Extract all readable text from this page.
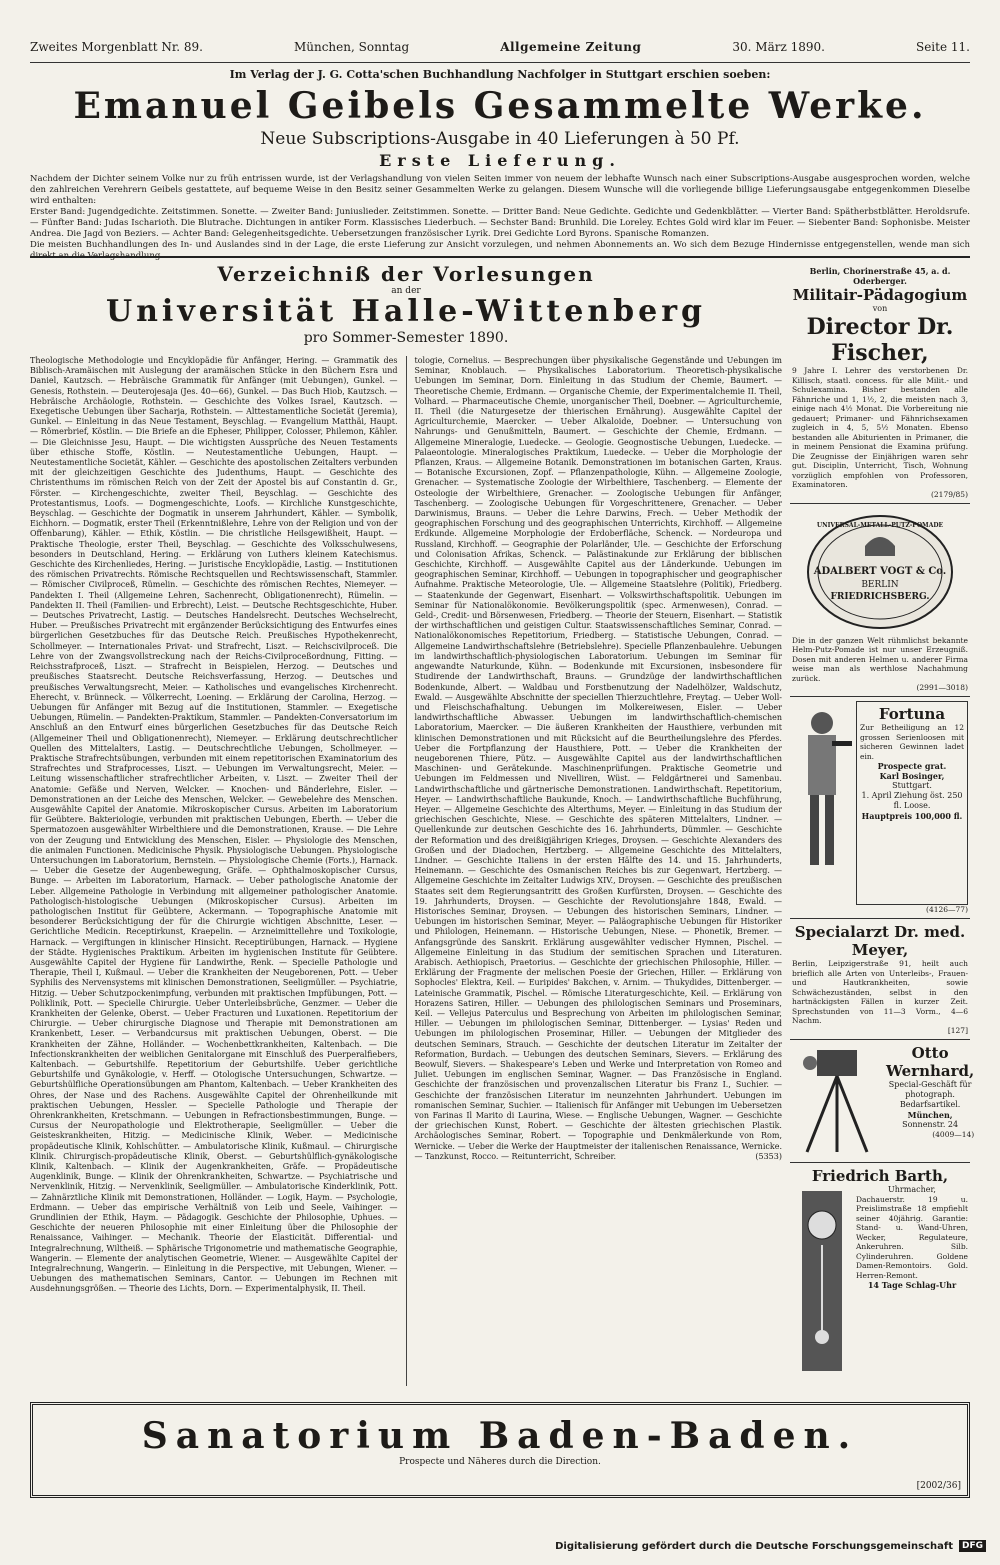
Zweites Morgenblatt Nr. 89.	München, Sonntag	Allgemeine Zeitung	30. März 1890.	Seite 11.
Im Verlag der J. G. Cotta'schen Buchhandlung Nachfolger in Stuttgart erschien soeben:
Emanuel Geibels Gesammelte Werke.
Neue Subscriptions-Ausgabe in 40 Lieferungen à 50 Pf.
Erste Lieferung.
Nachdem der Dichter seinem Volke nur zu früh entrissen wurde, ist der Verlagshandlung von vielen Seiten immer von neuem der lebhafte Wunsch nach einer Subscriptions-Ausgabe ausgesprochen worden, welche den zahlreichen Verehrern Geibels gestattete, auf bequeme Weise in den Besitz seiner Gesammelten Werke zu gelangen. Diesem Wunsche will die vorliegende billige Lieferungsausgabe entgegenkommen Dieselbe wird enthalten:
Erster Band: Jugendgedichte. Zeitstimmen. Sonette. — Zweiter Band: Juniuslieder. Zeitstimmen. Sonette. — Dritter Band: Neue Gedichte. Gedichte und Gedenkblätter. — Vierter Band: Spätherbstblätter. Heroldsrufe. — Fünfter Band: Judas Ischarioth. Die Blutrache. Dichtungen in antiker Form. Klassisches Liederbuch. — Sechster Band: Brunhild. Die Loreley. Echtes Gold wird klar im Feuer. — Siebenter Band: Sophonisbe. Meister Andrea. Die Jagd von Beziers. — Achter Band: Gelegenheitsgedichte. Uebersetzungen französischer Lyrik. Drei Gedichte Lord Byrons. Spanische Romanzen.
Die meisten Buchhandlungen des In- und Auslandes sind in der Lage, die erste Lieferung zur Ansicht vorzulegen, und nehmen Abonnements an. Wo sich dem Bezuge Hindernisse entgegenstellen, wende man sich
Verzeichniß der Vorlesungen
an der
Universität Halle-Wittenberg
pro Sommer-Semester 1890.
Theologische Methodologie und Encyklopädie für Anfänger, Hering. — Grammatik des Biblisch-Aramäischen mit Auslegung der aramäischen Stücke in den Büchern Esra und Daniel, Kautzsch. — Hebräische Grammatik für Anfänger (mit Uebungen), Gunkel. — Genesis, Rothstein. — Deuterojesaja (Jes. 40—66), Gunkel. — Das Buch Hiob, Kautzsch. — Hebräische Archäologie, Rothstein. — Geschichte des Volkes Israel, Kautzsch. — Exegetische Uebungen über Sacharja, Rothstein. — Alttestamentliche Societät (Jeremia), Gunkel. — Einleitung in das Neue Testament, Beyschlag. — Evangelium Matthäi, Haupt. — Römerbrief, Köstlin. — Die Briefe an die Epheser, Philipper, Colosser, Philemon, Kähler. — Die Gleichnisse Jesu, Haupt. — Die wichtigsten Aussprüche des Neuen Testaments über ethische Stoffe, Köstlin. — Neutestamentliche Uebungen, Haupt. — Neutestamentliche Societät, Kähler. — Geschichte des apostolischen Zeitalters verbunden mit der gleichzeitigen Geschichte des Judenthums, Haupt. — Geschichte des Christenthums im römischen Reich von der Zeit der Apostel bis auf Constantin d. Gr., Förster. — Kirchengeschichte, zweiter Theil, Beyschlag. — Geschichte des Protestantismus, Loofs. — Dogmengeschichte, Loofs. — Kirchliche Kunstgeschichte, Beyschlag. — Geschichte der Dogmatik in unserem Jahrhundert, Kähler. — Symbolik, Eichhorn. — Dogmatik, erster Theil (Erkenntnißlehre, Lehre von der Religion und von der Offenbarung), Kähler. — Ethik, Köstlin. — Die christliche Heilsgewißheit, Haupt. — Praktische Theologie, erster Theil, Beyschlag. — Geschichte des Volksschulwesens, besonders in Deutschland, Hering. — Erklärung von Luthers kleinem Katechismus. Geschichte des Kirchenliedes, Hering. — Juristische Encyklopädie, Lastig. — Institutionen des römischen Privatrechts. Römische Rechtsquellen und Rechtswissenschaft, Stammler. — Römischer Civilproceß, Rümelin. — Geschichte des römischen Rechtes, Niemeyer. — Pandekten I. Theil (Allgemeine Lehren, Sachenrecht, Obligationenrecht), Rümelin. — Pandekten II. Theil (Familien- und Erbrecht), Leist. — Deutsche Rechtsgeschichte, Huber. — Deutsches Privatrecht, Lastig. — Deutsches Handelsrecht. Deutsches Wechselrecht, Huber. — Preußisches Privatrecht mit ergänzender Berücksichtigung des Entwurfes eines bürgerlichen Gesetzbuches für das Deutsche Reich. Preußisches Hypothekenrecht, Schollmeyer. — Internationales Privat- und Strafrecht, Liszt. — Reichscivilproceß. Die Lehre von der Zwangsvollstreckung nach der Reichs-Civilproceßordnung, Fitting. — Reichsstrafproceß, Liszt. — Strafrecht in Beispielen, Herzog. — Deutsches und preußisches Staatsrecht. Deutsche Reichsverfassung, Herzog. — Deutsches und preußisches Verwaltungsrecht, Meier. — Katholisches und evangelisches Kirchenrecht. Eherecht, v. Brünneck. — Völkerrecht, Loening. — Erklärung der Carolina, Herzog. — Uebungen für Anfänger mit Bezug auf die Institutionen, Stammler. — Exegetische Uebungen, Rümelin. — Pandekten-Praktikum, Stammler. — Pandekten-Conversatorium im Anschluß an den Entwurf eines bürgerlichen Gesetzbuches für das Deutsche Reich (Allgemeiner Theil und Obligationenrecht), Niemeyer. — Erklärung deutschrechtlicher Quellen des Mittelalters, Lastig. — Deutschrechtliche Uebungen, Schollmeyer. — Praktische Strafrechtsübungen, verbunden mit einem repetitorischen Examinatorium des Strafrechtes und Strafprocesses, Liszt. — Uebungen im Verwaltungsrecht, Meier. — Leitung wissenschaftlicher strafrechtlicher Arbeiten, v. Liszt. — Zweiter Theil der Anatomie: Gefäße und Nerven, Welcker. — Knochen- und Bänderlehre, Eisler. — Demonstrationen an der Leiche des Menschen, Welcker. — Gewebelehre des Menschen. Ausgewählte Capitel der Anatomie. Mikroskopischer Cursus. Arbeiten im Laboratorium für Geübtere. Bakteriologie, verbunden mit praktischen Uebungen, Eberth. — Ueber die Spermatozoen ausgewählter Wirbelthiere und die Demonstrationen, Krause. — Die Lehre von der Zeugung und Entwicklung des Menschen, Eisler. — Physiologie des Menschen, die animalen Functionen. Medicinische Physik. Physiologische Uebungen. Physiologische Untersuchungen im Laboratorium, Bernstein. — Physiologische Chemie (Forts.), Harnack. — Ueber die Gesetze der Augenbewegung, Gräfe. — Ophthalmoskopischer Cursus, Bunge. — Arbeiten im Laboratorium, Harnack. — Ueber pathologische Anatomie der Leber. Allgemeine Pathologie in Verbindung mit allgemeiner pathologischer Anatomie. Pathologisch-histologische Uebungen (Mikroskopischer Cursus). Arbeiten im pathologischen Institut für Geübtere, Ackermann. — Topographische Anatomie mit besonderer Berücksichtigung der für die Chirurgie wichtigen Abschnitte, Leser. — Gerichtliche Medicin. Receptirkunst, Kraepelin. — Arzneimittellehre und Toxikologie, Harnack. — Vergiftungen in klinischer Hinsicht. Receptirübungen, Harnack. — Hygiene der Städte. Hygienisches Praktikum. Arbeiten im hygienischen Institute für Geübtere. Ausgewählte Capitel der Hygiene für Landwirthe, Renk. — Specielle Pathologie und Therapie, Theil I, Kußmaul. — Ueber die Krankheiten der Neugeborenen, Pott. — Ueber Syphilis des Nervensystems mit klinischen Demonstrationen, Seeligmüller. — Psychiatrie, Hitzig. — Ueber Schutzpockenimpfung, verbunden mit praktischen Impfübungen, Pott. — Poliklinik, Pott. — Specielle Chirurgie. Ueber Unterleibsbrüche, Genzmer. — Ueber die Krankheiten der Gelenke, Oberst. — Ueber Fracturen und Luxationen. Repetitorium der Chirurgie. — Ueber chirurgische Diagnose und Therapie mit Demonstrationen am Krankenbett, Leser. — Verbandcursus mit praktischen Uebungen, Oberst. — Die Krankheiten der Zähne, Holländer. — Wochenbettkrankheiten, Kaltenbach. — Die Infectionskrankheiten der weiblichen Genitalorgane mit Einschluß des Puerperalfiebers, Kaltenbach. — Geburtshilfe. Repetitorium der Geburtshilfe. Ueber gerichtliche Geburtshilfe und Gynäkologie, v. Herff. — Otologische Untersuchungen, Schwartze. — Geburtshülfliche Operationsübungen am Phantom, Kaltenbach. — Ueber Krankheiten des Ohres, der Nase und des Rachens. Ausgewählte Capitel der Ohrenheilkunde mit praktischen Uebungen, Hessler. — Specielle Pathologie und Therapie der Ohrenkrankheiten, Kretschmann. — Uebungen in Refractionsbestimmungen, Bunge. — Cursus der Neuropathologie und Elektrotherapie, Seeligmüller. — Ueber die Geisteskrankheiten, Hitzig. — Medicinische Klinik, Weber. — Medicinische propädeutische Klinik, Kohlschütter. — Ambulatorische Klinik, Kußmaul. — Chirurgische Klinik. Chirurgisch-propädeutische Klinik, Oberst. — Geburtshülflich-gynäkologische Klinik, Kaltenbach. — Klinik der Augenkrankheiten, Gräfe. — Propädeutische Augenklinik, Bunge. — Klinik der Ohrenkrankheiten, Schwartze. — Psychiatrische und Nervenklinik, Hitzig. — Nervenklinik, Seeligmüller. — Ambulatorische Kinderklinik, Pott. — Zahnärztliche Klinik mit Demonstrationen, Holländer. — Logik, Haym. — Psychologie, Erdmann. — Ueber das empirische Verhältniß von Leib und Seele, Vaihinger. — Grundlinien der Ethik, Haym. — Pädagogik. Geschichte der Philosophie, Uphues. — Geschichte der neueren Philosophie mit einer Einleitung über die Philosophie der Renaissance, Vaihinger. — Mechanik. Theorie der Elasticität. Differential- und Integralrechnung, Wiltheiß. — Sphärische Trigonometrie und mathematische Geographie, Wangerin. — Elemente der analytischen Geometrie, Wiener. — Ausgewählte Capitel der Integralrechnung, Wangerin. — Einleitung in die Perspective, mit Uebungen, Wiener. — Uebungen des mathematischen Seminars, Cantor. — Uebungen im Rechnen mit Ausdehnungsgrößen. — Theorie des Lichts, Dorn. — Experimentalphysik, II. Theil.
tologie, Cornelius. — Besprechungen über physikalische Gegenstände und Uebungen im Seminar, Knoblauch. — Physikalisches Laboratorium. Theoretisch-physikalische Uebungen im Seminar, Dorn. Einleitung in das Studium der Chemie, Baumert. — Theoretische Chemie, Erdmann. — Organische Chemie, der Experimentalchemie II. Theil, Volhard. — Pharmaceutische Chemie, unorganischer Theil, Doebner. — Agriculturchemie, II. Theil (die Naturgesetze der thierischen Ernährung). Ausgewählte Capitel der Agriculturchemie, Maercker. — Ueber Alkaloide, Doebner. — Untersuchung von Nahrungs- und Genußmitteln, Baumert. — Geschichte der Chemie, Erdmann. — Allgemeine Mineralogie, Luedecke. — Geologie. Geognostische Uebungen, Luedecke. — Palaeontologie. Mineralogisches Praktikum, Luedecke. — Ueber die Morphologie der Pflanzen, Kraus. — Allgemeine Botanik. Demonstrationen im botanischen Garten, Kraus. — Botanische Excursionen, Zopf. — Pflanzenpathologie, Kühn. — Allgemeine Zoologie, Grenacher. — Systematische Zoologie der Wirbelthiere, Taschenberg. — Elemente der Osteologie der Wirbelthiere, Grenacher. — Zoologische Uebungen für Anfänger, Taschenberg. — Zoologische Uebungen für Vorgeschrittenere, Grenacher. — Ueber Darwinismus, Brauns. — Ueber die Lehre Darwins, Frech. — Ueber Methodik der geographischen Forschung und des geographischen Unterrichts, Kirchhoff. — Allgemeine Erdkunde. Allgemeine Morphologie der Erdoberfläche, Schenck. — Nordeuropa und Russland, Kirchhoff. — Geographie der Polarländer, Ule. — Geschichte der Erforschung und Colonisation Afrikas, Schenck. — Palästinakunde zur Erklärung der biblischen Geschichte, Kirchhoff. — Ausgewählte Capitel aus der Länderkunde. Uebungen im geographischen Seminar, Kirchhoff. — Uebungen in topographischer und geographischer Aufnahme. Praktische Meteorologie, Ule. — Allgemeine Staatslehre (Politik), Friedberg. — Staatenkunde der Gegenwart, Eisenhart. — Volkswirthschaftspolitik. Uebungen im Seminar für Nationalökonomie. Bevölkerungspolitik (spec. Armenwesen), Conrad. — Geld-, Credit- und Börsenwesen, Friedberg. — Theorie der Steuern, Eisenhart. — Statistik der wirthschaftlichen und geistigen Cultur. Staatswissenschaftliches Seminar, Conrad. — Nationalökonomisches Repetitorium, Friedberg. — Statistische Uebungen, Conrad. — Allgemeine Landwirthschaftslehre (Betriebslehre). Specielle Pflanzenbaulehre. Uebungen im landwirthschaftlich-physiologischen Laboratorium. Uebungen im Seminar für angewandte Naturkunde, Kühn. — Bodenkunde mit Excursionen, insbesondere für Studirende der Landwirthschaft, Brauns. — Grundzüge der landwirthschaftlichen Bodenkunde, Albert. — Waldbau und Forstbenutzung der Nadelhölzer, Waldschutz, Ewald. — Ausgewählte Abschnitte der speciellen Thierzuchtlehre, Freytag. — Ueber Woll- und Fleischschafhaltung. Uebungen im Molkereiwesen, Eisler. — Ueber landwirthschaftliche Abwasser. Uebungen im landwirthschaftlich-chemischen Laboratorium, Maercker. — Die äußeren Krankheiten der Hausthiere, verbunden mit klinischen Demonstrationen und mit Rücksicht auf die Beurtheilungslehre des Pferdes. Ueber die Fortpflanzung der Hausthiere, Pott. — Ueber die Krankheiten der neugeborenen Thiere, Pütz. — Ausgewählte Capitel aus der landwirthschaftlichen Maschinen- und Gerätekunde. Maschinenprüfungen. Praktische Geometrie und Uebungen im Feldmessen und Nivelliren, Wüst. — Feldgärtnerei und Samenbau. Landwirthschaftliche und gärtnerische Demonstrationen. Landwirthschaft. Repetitorium, Heyer. — Landwirthschaftliche Baukunde, Knoch. — Landwirthschaftliche Buchführung, Heyer. — Allgemeine Geschichte des Alterthums, Meyer. — Einleitung in das Studium der griechischen Geschichte, Niese. — Geschichte des späteren Mittelalters, Lindner. — Quellenkunde zur deutschen Geschichte des 16. Jahrhunderts, Dümmler. — Geschichte der Reformation und des dreißigjährigen Krieges, Droysen. — Geschichte Alexanders des Großen und der Diadochen, Hertzberg. — Allgemeine Geschichte des Mittelalters, Lindner. — Geschichte Italiens in der ersten Hälfte des 14. und 15. Jahrhunderts, Heinemann. — Geschichte des Osmanischen Reiches bis zur Gegenwart, Hertzberg. — Allgemeine Geschichte im Zeitalter Ludwigs XIV., Droysen. — Geschichte des preußischen Staates seit dem Regierungsantritt des Großen Kurfürsten, Droysen. — Geschichte des 19. Jahrhunderts, Droysen. — Geschichte der Revolutionsjahre 1848, Ewald. — Historisches Seminar, Droysen. — Uebungen des historischen Seminars, Lindner. — Uebungen im historischen Seminar, Meyer. — Paläographische Uebungen für Historiker und Philologen, Heinemann. — Historische Uebungen, Niese. — Phonetik, Bremer. — Anfangsgründe des Sanskrit. Erklärung ausgewählter vedischer Hymnen, Pischel. — Allgemeine Einleitung in das Studium der semitischen Sprachen und Literaturen. Arabisch. Aethiopisch, Praetorius. — Geschichte der griechischen Philosophie, Hiller. — Erklärung der Fragmente der melischen Poesie der Griechen, Hiller. — Erklärung von Sophocles' Elektra, Keil. — Euripides' Bakchen, v. Arnim. — Thukydides, Dittenberger. — Lateinische Grammatik, Pischel. — Römische Literaturgeschichte, Keil. — Erklärung von Horazens Satiren, Hiller. — Uebungen des philologischen Seminars und Proseminars, Keil. — Vellejus Paterculus und Besprechung von Arbeiten im philologischen Seminar, Hiller. — Uebungen im philologischen Seminar, Dittenberger. — Lysias' Reden und Uebungen im philologischen Proseminar, Hiller. — Uebungen der Mitglieder des deutschen Seminars, Strauch. — Geschichte der deutschen Literatur im Zeitalter der Reformation, Burdach. — Uebungen des deutschen Seminars, Sievers. — Erklärung des Beowulf, Sievers. — Shakespeare's Leben und Werke und Interpretation von Romeo and Juliet. Uebungen im englischen Seminar, Wagner. — Das Französische in England. Geschichte der französischen und provenzalischen Literatur bis Franz I., Suchier. — Geschichte der französischen Literatur im neunzehnten Jahrhundert. Uebungen im romanischen Seminar, Suchier. — Italienisch für Anfänger mit Uebungen im Uebersetzen von Farinas Il Marito di Laurina, Wiese. — Englische Uebungen, Wagner. — Geschichte der griechischen Kunst, Robert. — Geschichte der ältesten griechischen Plastik. Archäologisches Seminar, Robert. — Topographie und Denkmälerkunde von Rom, Wernicke. — Ueber die Werke der Hauptmeister der italienischen Renaissance, Wernicke. — Tanzkunst, Rocco. — Reitunterricht, Schreiber.	(5353)
Berlin, Chorinerstraße 45, a. d. Oderberger.
Militair-Pädagogium
von
Director Dr. Fischer,
9 Jahre I. Lehrer des verstorbenen Dr. Killisch, staatl. concess. für alle Milit.- und Schulexamina. Bisher bestanden alle Fähnriche und 1, 1½, 2, die meisten nach 3, einige nach 4½ Monat. Die Vorbereitung nie gedauert; Primaner- und Fähnrichsexamen zugleich in 4, 5, 5½ Monaten. Ebenso bestanden alle Abiturienten in Primaner, die in meinem Pensionat die Examina prüfung. Die Zeugnisse der Einjährigen waren sehr gut. Disciplin, Unterricht, Tisch, Wohnung vorzüglich empfohlen von Professoren, Examinatoren.
(2179/85)
UNIVERSAL-METALL-PUTZ-POMADE
ADALBERT VOGT & Co.
BERLIN
FRIEDRICHSBERG.
Die in der ganzen Welt rühmlichst bekannte Helm-Putz-Pomade ist nur unser Erzeugniß. Dosen mit anderen Helmen u. anderer Firma weise man als werthlose Nachahmung zurück.
(2991—3018)
Fortuna
Zur Betheiligung an 12 grossen Serienloosen mit sicheren Gewinnen ladet ein.
Prospecte grat.
Karl Bosinger,
Stuttgart.
1. April Ziehung öst. 250 fl. Loose.
Hauptpreis 100,000 fl.
(4126—77)
Specialarzt Dr. med. Meyer,
Berlin, Leipzigerstraße 91, heilt auch brieflich alle Arten von Unterleibs-, Frauen- und Hautkrankheiten, sowie Schwächezuständen, selbst in den hartnäckigsten Fällen in kurzer Zeit. Sprechstunden von 11—3 Vorm., 4—6 Nachm.
[127]
Otto Wernhard,
Special-Geschäft für photograph. Bedarfsartikel.
München,
Sonnenstr. 24
(4009—14)
Friedrich Barth,
Uhrmacher,
Dachauerstr. 19 u. Preislimstraße 18 empfiehlt seiner 40jährig. Garantie: Stand- u. Wand-Uhren, Wecker, Regulateure, Ankeruhren. Silb. Cylinderuhren. Goldene Damen-Remontoirs. Gold. Herren-Remont.
14 Tage Schlag-Uhr
Sanatorium Baden-Baden.
Prospecte und Näheres durch die Direction.
[2002/36]
Digitalisierung gefördert durch die Deutsche Forschungsgemeinschaft	DFG
